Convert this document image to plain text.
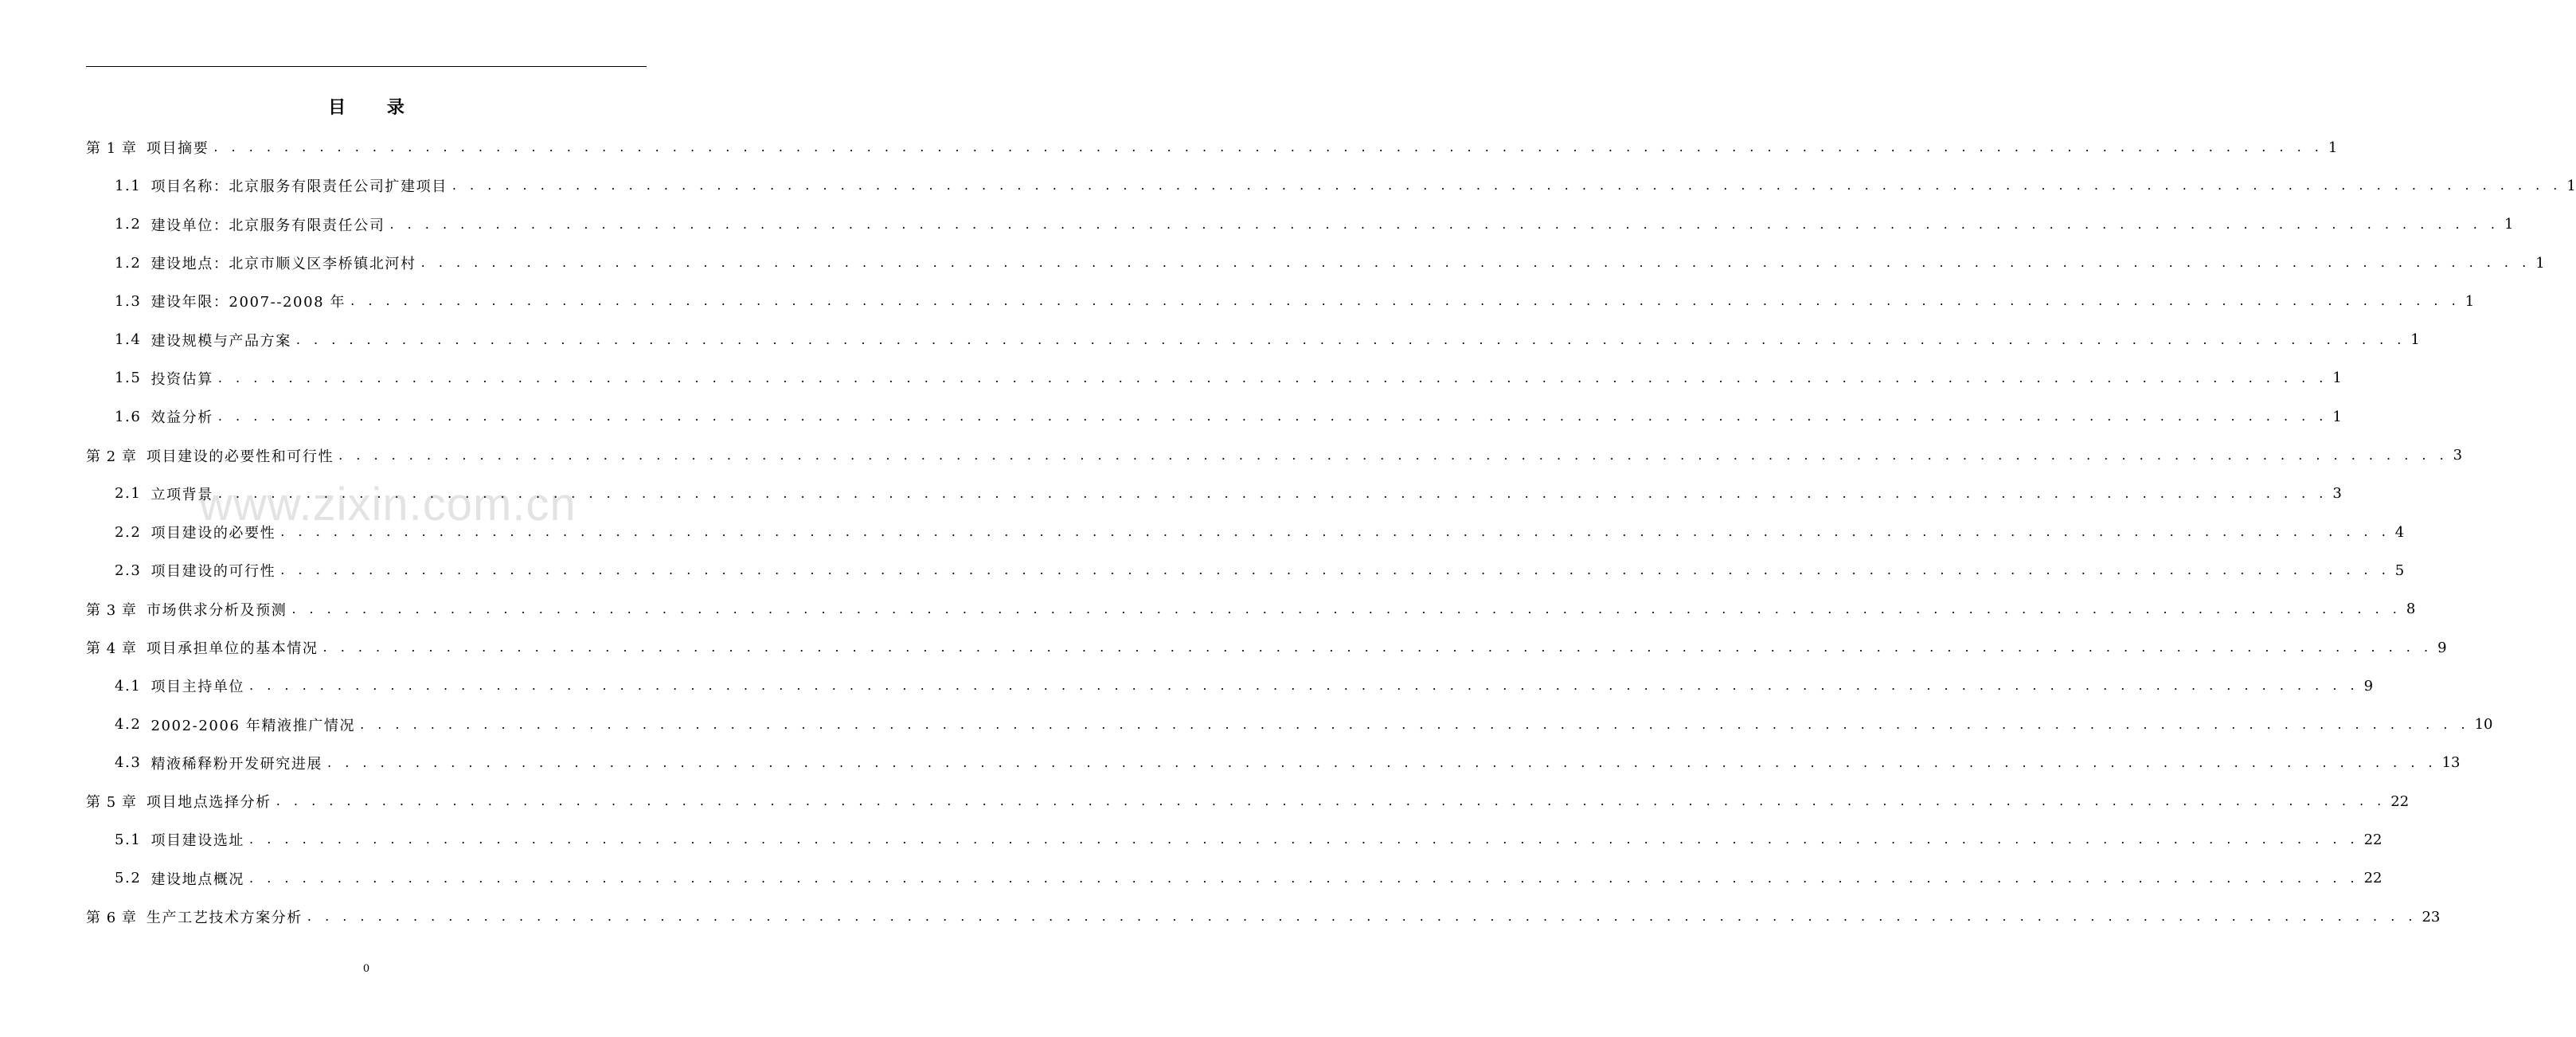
目 录
www.zixin.com.cn
第 1 章 项目摘要 . . . . . . . . . . . . . . . . . . . . . . . . . . . . . . . . . . . . . . . . . . . . . . . . . . . . . . . . . . . . . . . . . . . . . . . . . . . . . . . . . . . . . . . . . . . . . . . . . . . . . . . . . . . . . . . . . . . . . . . . 1
1.1 项目名称：北京服务有限责任公司扩建项目 . . . . . . . . . . . . . . . . . . . . . . . . . . . . . . . . . . . . . . . . . . . . . . . . . . . . . . . . . . . . . . . . . . . . . . . . . . . . . . . . . . . . . . . . . . . . . . . . . . . . . . . . . . . . . . . . . . . . . . . . 1
1.2 建设单位：北京服务有限责任公司 . . . . . . . . . . . . . . . . . . . . . . . . . . . . . . . . . . . . . . . . . . . . . . . . . . . . . . . . . . . . . . . . . . . . . . . . . . . . . . . . . . . . . . . . . . . . . . . . . . . . . . . . . . . . . . . . . . . . . . . . 1
1.2 建设地点：北京市顺义区李桥镇北河村 . . . . . . . . . . . . . . . . . . . . . . . . . . . . . . . . . . . . . . . . . . . . . . . . . . . . . . . . . . . . . . . . . . . . . . . . . . . . . . . . . . . . . . . . . . . . . . . . . . . . . . . . . . . . . . . . . . . . . . . . 1
1.3 建设年限：2007--2008 年 . . . . . . . . . . . . . . . . . . . . . . . . . . . . . . . . . . . . . . . . . . . . . . . . . . . . . . . . . . . . . . . . . . . . . . . . . . . . . . . . . . . . . . . . . . . . . . . . . . . . . . . . . . . . . . . . . . . . . . . . 1
1.4 建设规模与产品方案 . . . . . . . . . . . . . . . . . . . . . . . . . . . . . . . . . . . . . . . . . . . . . . . . . . . . . . . . . . . . . . . . . . . . . . . . . . . . . . . . . . . . . . . . . . . . . . . . . . . . . . . . . . . . . . . . . . . . . . . . 1
1.5 投资估算 . . . . . . . . . . . . . . . . . . . . . . . . . . . . . . . . . . . . . . . . . . . . . . . . . . . . . . . . . . . . . . . . . . . . . . . . . . . . . . . . . . . . . . . . . . . . . . . . . . . . . . . . . . . . . . . . . . . . . . . . 1
1.6 效益分析 . . . . . . . . . . . . . . . . . . . . . . . . . . . . . . . . . . . . . . . . . . . . . . . . . . . . . . . . . . . . . . . . . . . . . . . . . . . . . . . . . . . . . . . . . . . . . . . . . . . . . . . . . . . . . . . . . . . . . . . . 1
第 2 章 项目建设的必要性和可行性 . . . . . . . . . . . . . . . . . . . . . . . . . . . . . . . . . . . . . . . . . . . . . . . . . . . . . . . . . . . . . . . . . . . . . . . . . . . . . . . . . . . . . . . . . . . . . . . . . . . . . . . . . . . . . . . . . . . . . . . . 3
2.1 立项背景 . . . . . . . . . . . . . . . . . . . . . . . . . . . . . . . . . . . . . . . . . . . . . . . . . . . . . . . . . . . . . . . . . . . . . . . . . . . . . . . . . . . . . . . . . . . . . . . . . . . . . . . . . . . . . . . . . . . . . . . . 3
2.2 项目建设的必要性 . . . . . . . . . . . . . . . . . . . . . . . . . . . . . . . . . . . . . . . . . . . . . . . . . . . . . . . . . . . . . . . . . . . . . . . . . . . . . . . . . . . . . . . . . . . . . . . . . . . . . . . . . . . . . . . . . . . . . . . . 4
2.3 项目建设的可行性 . . . . . . . . . . . . . . . . . . . . . . . . . . . . . . . . . . . . . . . . . . . . . . . . . . . . . . . . . . . . . . . . . . . . . . . . . . . . . . . . . . . . . . . . . . . . . . . . . . . . . . . . . . . . . . . . . . . . . . . . 5
第 3 章 市场供求分析及预测 . . . . . . . . . . . . . . . . . . . . . . . . . . . . . . . . . . . . . . . . . . . . . . . . . . . . . . . . . . . . . . . . . . . . . . . . . . . . . . . . . . . . . . . . . . . . . . . . . . . . . . . . . . . . . . . . . . . . . . . . 8
第 4 章 项目承担单位的基本情况 . . . . . . . . . . . . . . . . . . . . . . . . . . . . . . . . . . . . . . . . . . . . . . . . . . . . . . . . . . . . . . . . . . . . . . . . . . . . . . . . . . . . . . . . . . . . . . . . . . . . . . . . . . . . . . . . . . . . . . . . 9
4.1 项目主持单位 . . . . . . . . . . . . . . . . . . . . . . . . . . . . . . . . . . . . . . . . . . . . . . . . . . . . . . . . . . . . . . . . . . . . . . . . . . . . . . . . . . . . . . . . . . . . . . . . . . . . . . . . . . . . . . . . . . . . . . . . 9
4.2 2002-2006 年精液推广情况 . . . . . . . . . . . . . . . . . . . . . . . . . . . . . . . . . . . . . . . . . . . . . . . . . . . . . . . . . . . . . . . . . . . . . . . . . . . . . . . . . . . . . . . . . . . . . . . . . . . . . . . . . . . . . . . . . . . . . . . . 10
4.3 精液稀释粉开发研究进展 . . . . . . . . . . . . . . . . . . . . . . . . . . . . . . . . . . . . . . . . . . . . . . . . . . . . . . . . . . . . . . . . . . . . . . . . . . . . . . . . . . . . . . . . . . . . . . . . . . . . . . . . . . . . . . . . . . . . . . . . 13
第 5 章 项目地点选择分析 . . . . . . . . . . . . . . . . . . . . . . . . . . . . . . . . . . . . . . . . . . . . . . . . . . . . . . . . . . . . . . . . . . . . . . . . . . . . . . . . . . . . . . . . . . . . . . . . . . . . . . . . . . . . . . . . . . . . . . . . 22
5.1 项目建设选址 . . . . . . . . . . . . . . . . . . . . . . . . . . . . . . . . . . . . . . . . . . . . . . . . . . . . . . . . . . . . . . . . . . . . . . . . . . . . . . . . . . . . . . . . . . . . . . . . . . . . . . . . . . . . . . . . . . . . . . . . 22
5.2 建设地点概况 . . . . . . . . . . . . . . . . . . . . . . . . . . . . . . . . . . . . . . . . . . . . . . . . . . . . . . . . . . . . . . . . . . . . . . . . . . . . . . . . . . . . . . . . . . . . . . . . . . . . . . . . . . . . . . . . . . . . . . . . 22
第 6 章 生产工艺技术方案分析 . . . . . . . . . . . . . . . . . . . . . . . . . . . . . . . . . . . . . . . . . . . . . . . . . . . . . . . . . . . . . . . . . . . . . . . . . . . . . . . . . . . . . . . . . . . . . . . . . . . . . . . . . . . . . . . . . . . . . . . . 23
0
